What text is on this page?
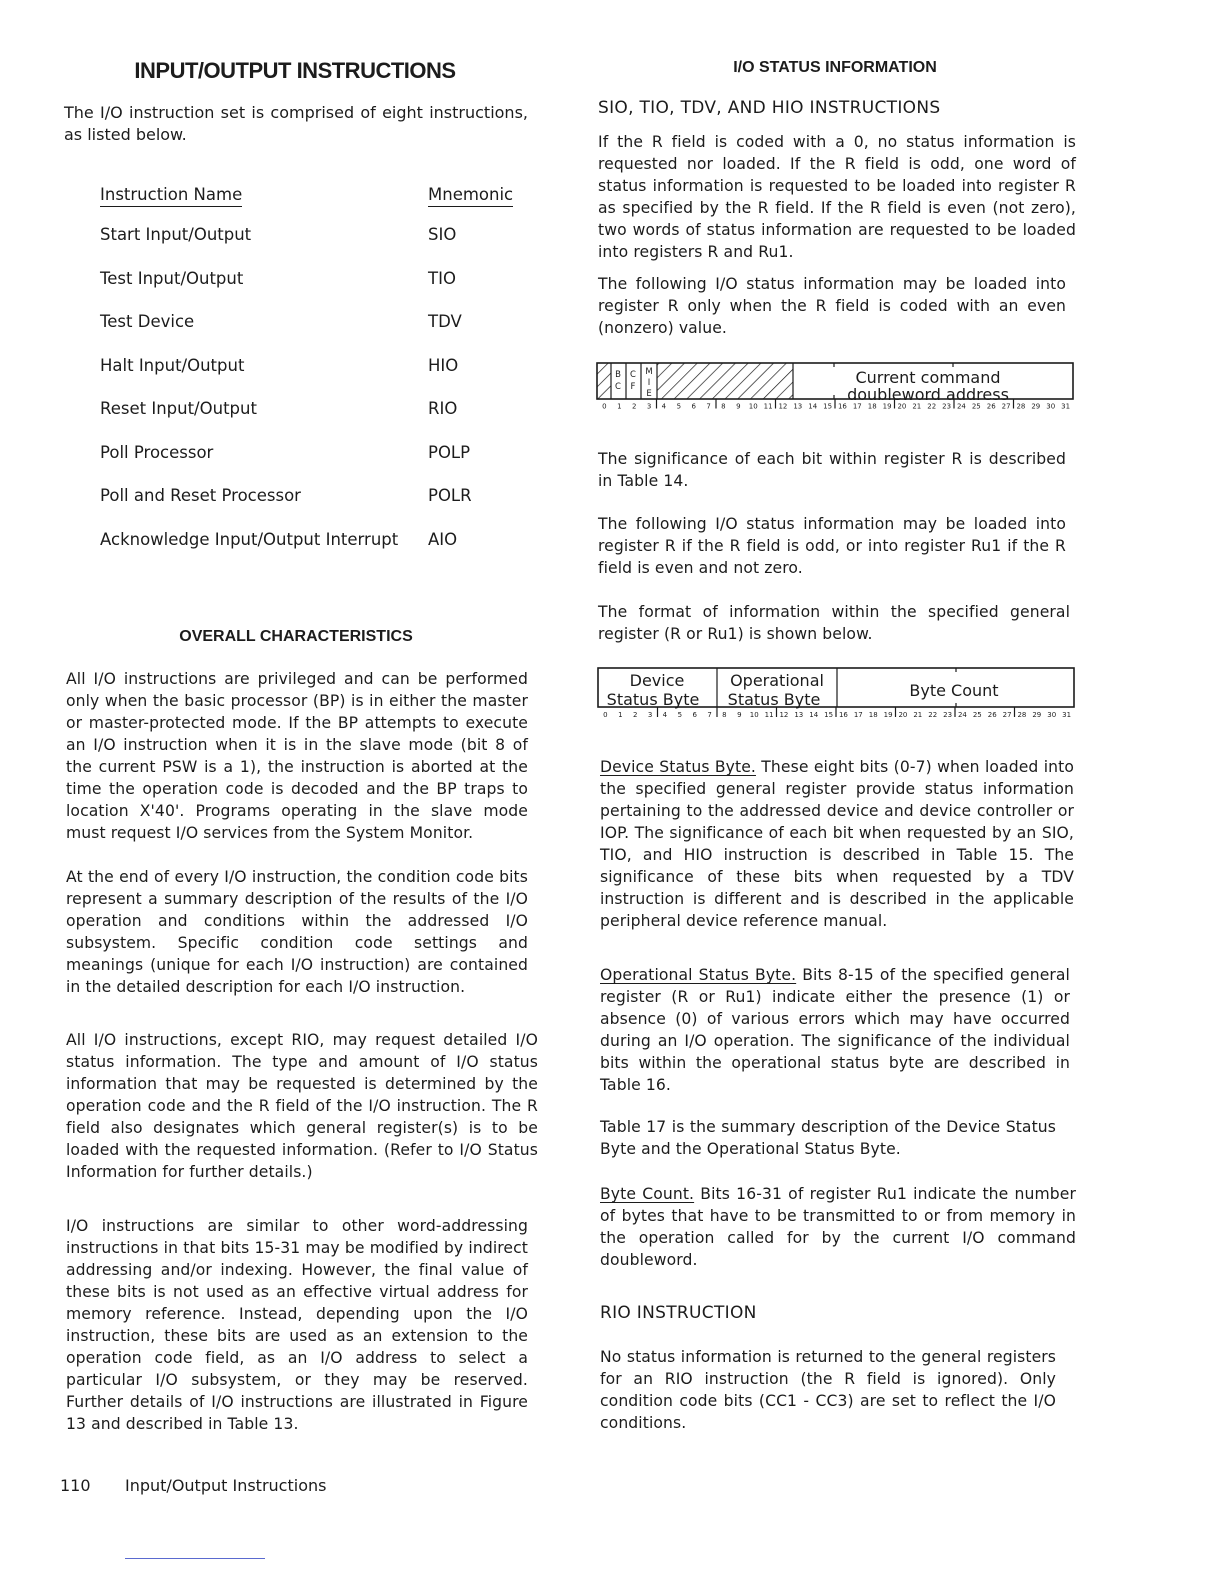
INPUT/OUTPUT INSTRUCTIONS

The I/O instruction set is comprised of eight instructions, as listed below.

Instruction Name	Mnemonic
Start Input/Output	SIO
Test Input/Output	TIO
Test Device	TDV
Halt Input/Output	HIO
Reset Input/Output	RIO
Poll Processor	POLP
Poll and Reset Processor	POLR
Acknowledge Input/Output Interrupt	AIO
OVERALL CHARACTERISTICS

All I/O instructions are privileged and can be performed only when the basic processor (BP) is in either the master or master-protected mode. If the BP attempts to execute an I/O instruction when it is in the slave mode (bit 8 of the current PSW is a 1), the instruction is aborted at the time the operation code is decoded and the BP traps to location X'40'. Programs operating in the slave mode must request I/O services from the System Monitor.

At the end of every I/O instruction, the condition code bits represent a summary description of the results of the I/O operation and conditions within the addressed I/O subsystem. Specific condition code settings and meanings (unique for each I/O instruction) are contained in the detailed description for each I/O instruction.

All I/O instructions, except RIO, may request detailed I/O status information. The type and amount of I/O status information that may be requested is determined by the operation code and the R field of the I/O instruction. The R field also designates which general register(s) is to be loaded with the requested information. (Refer to I/O Status Information for further details.)

I/O instructions are similar to other word-addressing instructions in that bits 15-31 may be modified by indirect addressing and/or indexing. However, the final value of these bits is not used as an effective virtual address for memory reference. Instead, depending upon the I/O instruction, these bits are used as an extension to the operation code field, as an I/O address to select a particular I/O subsystem, or they may be reserved. Further details of I/O instructions are illustrated in Figure 13 and described in Table 13.

I/O STATUS INFORMATION
SIO, TIO, TDV, AND HIO INSTRUCTIONS

If the R field is coded with a 0, no status information is requested nor loaded. If the R field is odd, one word of status information is requested to be loaded into register R as specified by the R field. If the R field is even (not zero), two words of status information are requested to be loaded into registers R and Ru1.

The following I/O status information may be loaded into register R only when the R field is coded with an even (nonzero) value.

B
C
C
F
M
I
E
Current command
doubleword address
0 1 2 3 4 5 6 7 8 9 10 11 12 13 14 15 16 17 18 19 20 21 22 23 24 25 26 27 28 29 30 31

The significance of each bit within register R is described in Table 14.

The following I/O status information may be loaded into register R if the R field is odd, or into register Ru1 if the R field is even and not zero.

The format of information within the specified general register (R or Ru1) is shown below.

Device
Status Byte
Operational
Status Byte	Byte Count
0 1 2 3 4 5 6 7 8 9 10 11 12 13 14 15 16 17 18 19 20 21 22 23 24 25 26 27 28 29 30 31

Device Status Byte. These eight bits (0-7) when loaded into the specified general register provide status information pertaining to the addressed device and device controller or IOP. The significance of each bit when requested by an SIO, TIO, and HIO instruction is described in Table 15. The significance of these bits when requested by a TDV instruction is different and is described in the applicable peripheral device reference manual.

Operational Status Byte. Bits 8-15 of the specified general register (R or Ru1) indicate either the presence (1) or absence (0) of various errors which may have occurred during an I/O operation. The significance of the individual bits within the operational status byte are described in Table 16.

Table 17 is the summary description of the Device Status Byte and the Operational Status Byte.

Byte Count. Bits 16-31 of register Ru1 indicate the number of bytes that have to be transmitted to or from memory in the operation called for by the current I/O command doubleword.

RIO INSTRUCTION

No status information is returned to the general registers for an RIO instruction (the R field is ignored). Only condition code bits (CC1 - CC3) are set to reflect the I/O conditions.

110 Input/Output Instructions
